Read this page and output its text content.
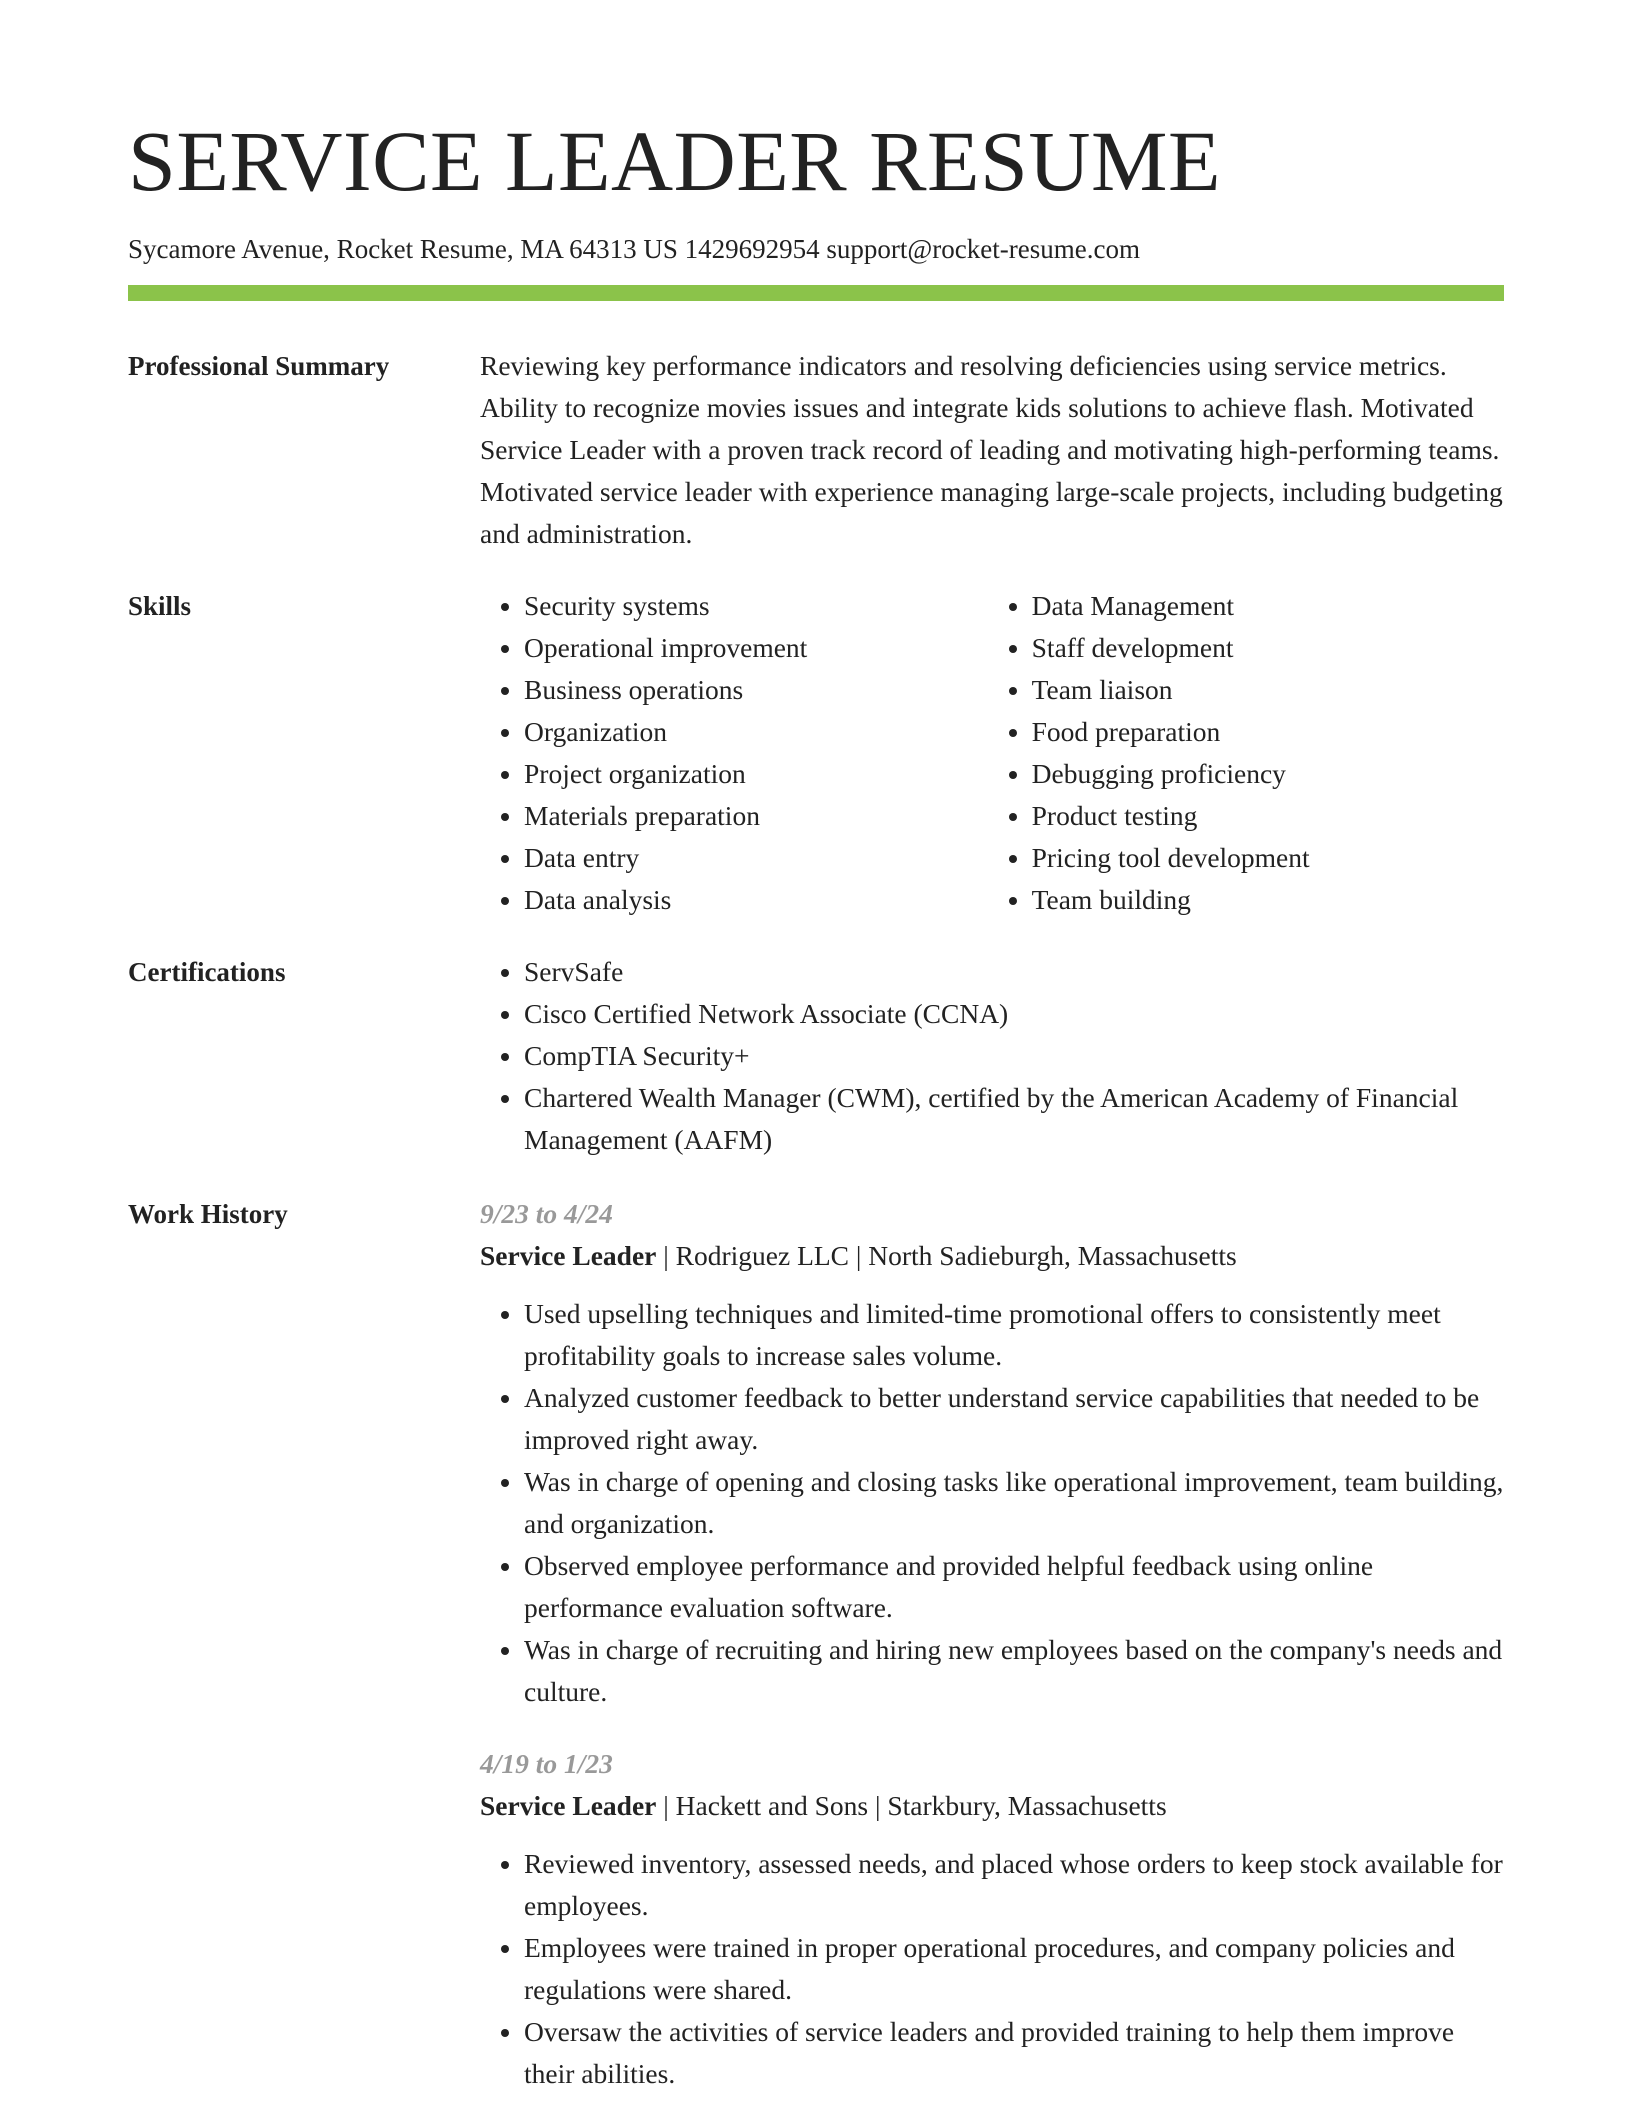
SERVICE LEADER RESUME
Sycamore Avenue, Rocket Resume, MA 64313 US 1429692954 support@rocket-resume.com
Professional Summary	Reviewing key performance indicators and resolving deficiencies using service metrics. Ability to recognize movies issues and integrate kids solutions to achieve flash. Motivated Service Leader with a proven track record of leading and motivating high-performing teams. Motivated service leader with experience managing large-scale projects, including budgeting and administration.

Skills	• Security systems
• Operational improvement
• Business operations
• Organization
• Project organization
• Materials preparation
• Data entry
• Data analysis
• Data Management
• Staff development
• Team liaison
• Food preparation
• Debugging proficiency
• Product testing
• Pricing tool development
• Team building
Certifications	• ServSafe
• Cisco Certified Network Associate (CCNA)
• CompTIA Security+
• Chartered Wealth Manager (CWM), certified by the American Academy of Financial Management (AAFM)
Work History	9/23 to 4/24
Service Leader | Rodriguez LLC | North Sadieburgh, Massachusetts
• Used upselling techniques and limited-time promotional offers to consistently meet profitability goals to increase sales volume.
• Analyzed customer feedback to better understand service capabilities that needed to be improved right away.
• Was in charge of opening and closing tasks like operational improvement, team building, and organization.
• Observed employee performance and provided helpful feedback using online performance evaluation software.
• Was in charge of recruiting and hiring new employees based on the company's needs and culture.
4/19 to 1/23
Service Leader | Hackett and Sons | Starkbury, Massachusetts
• Reviewed inventory, assessed needs, and placed whose orders to keep stock available for employees.
• Employees were trained in proper operational procedures, and company policies and regulations were shared.
• Oversaw the activities of service leaders and provided training to help them improve their abilities.
